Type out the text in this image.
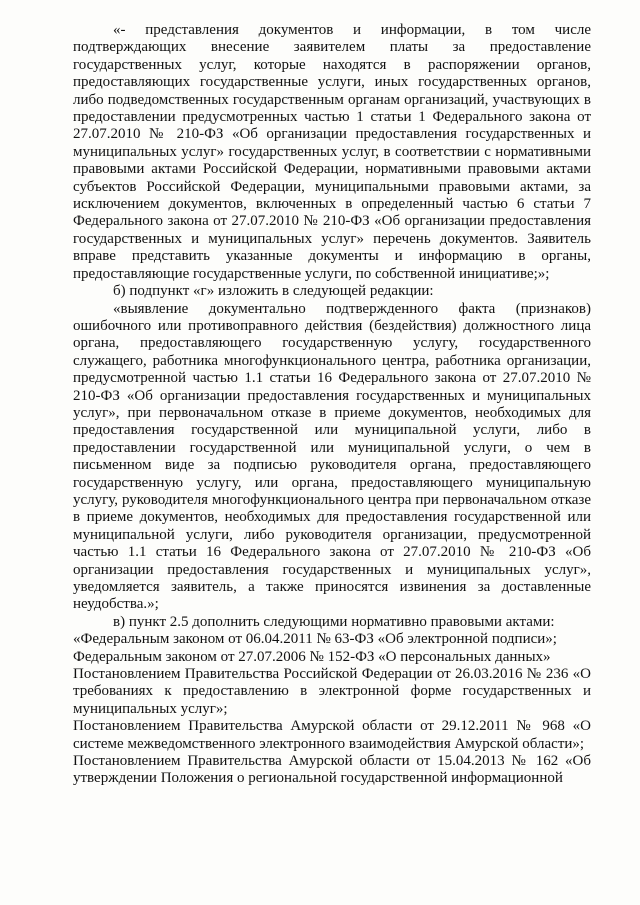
«- представления документов и информации, в том числе подтверждающих внесение заявителем платы за предоставление государственных услуг, которые находятся в распоряжении органов, предоставляющих государственные услуги, иных государственных органов, либо подведомственных государственным органам организаций, участвующих в предоставлении предусмотренных частью 1 статьи 1 Федерального закона от 27.07.2010 № 210-ФЗ «Об организации предоставления государственных и муниципальных услуг» государственных услуг, в соответствии с нормативными правовыми актами Российской Федерации, нормативными правовыми актами субъектов Российской Федерации, муниципальными правовыми актами, за исключением документов, включенных в определенный частью 6 статьи 7 Федерального закона от 27.07.2010 № 210-ФЗ «Об организации предоставления государственных и муниципальных услуг» перечень документов. Заявитель вправе представить указанные документы и информацию в органы, предоставляющие государственные услуги, по собственной инициативе;»;

б) подпункт «г» изложить в следующей редакции:

«выявление документально подтвержденного факта (признаков) ошибочного или противоправного действия (бездействия) должностного лица органа, предоставляющего государственную услугу, государственного служащего, работника многофункционального центра, работника организации, предусмотренной частью 1.1 статьи 16 Федерального закона от 27.07.2010 № 210-ФЗ «Об организации предоставления государственных и муниципальных услуг», при первоначальном отказе в приеме документов, необходимых для предоставления государственной или муниципальной услуги, либо в предоставлении государственной или муниципальной услуги, о чем в письменном виде за подписью руководителя органа, предоставляющего государственную услугу, или органа, предоставляющего муниципальную услугу, руководителя многофункционального центра при первоначальном отказе в приеме документов, необходимых для предоставления государственной или муниципальной услуги, либо руководителя организации, предусмотренной частью 1.1 статьи 16 Федерального закона от 27.07.2010 № 210-ФЗ «Об организации предоставления государственных и муниципальных услуг», уведомляется заявитель, а также приносятся извинения за доставленные неудобства.»;

в) пункт 2.5 дополнить следующими нормативно правовыми актами:

«Федеральным законом от 06.04.2011 № 63-ФЗ «Об электронной подписи»;

Федеральным законом от 27.07.2006 № 152-ФЗ «О персональных данных»

Постановлением Правительства Российской Федерации от 26.03.2016 № 236 «О требованиях к предоставлению в электронной форме государственных и муниципальных услуг»;

Постановлением Правительства Амурской области от 29.12.2011 № 968 «О системе межведомственного электронного взаимодействия Амурской области»;

Постановлением Правительства Амурской области от 15.04.2013 № 162 «Об утверждении Положения о региональной государственной информационной
